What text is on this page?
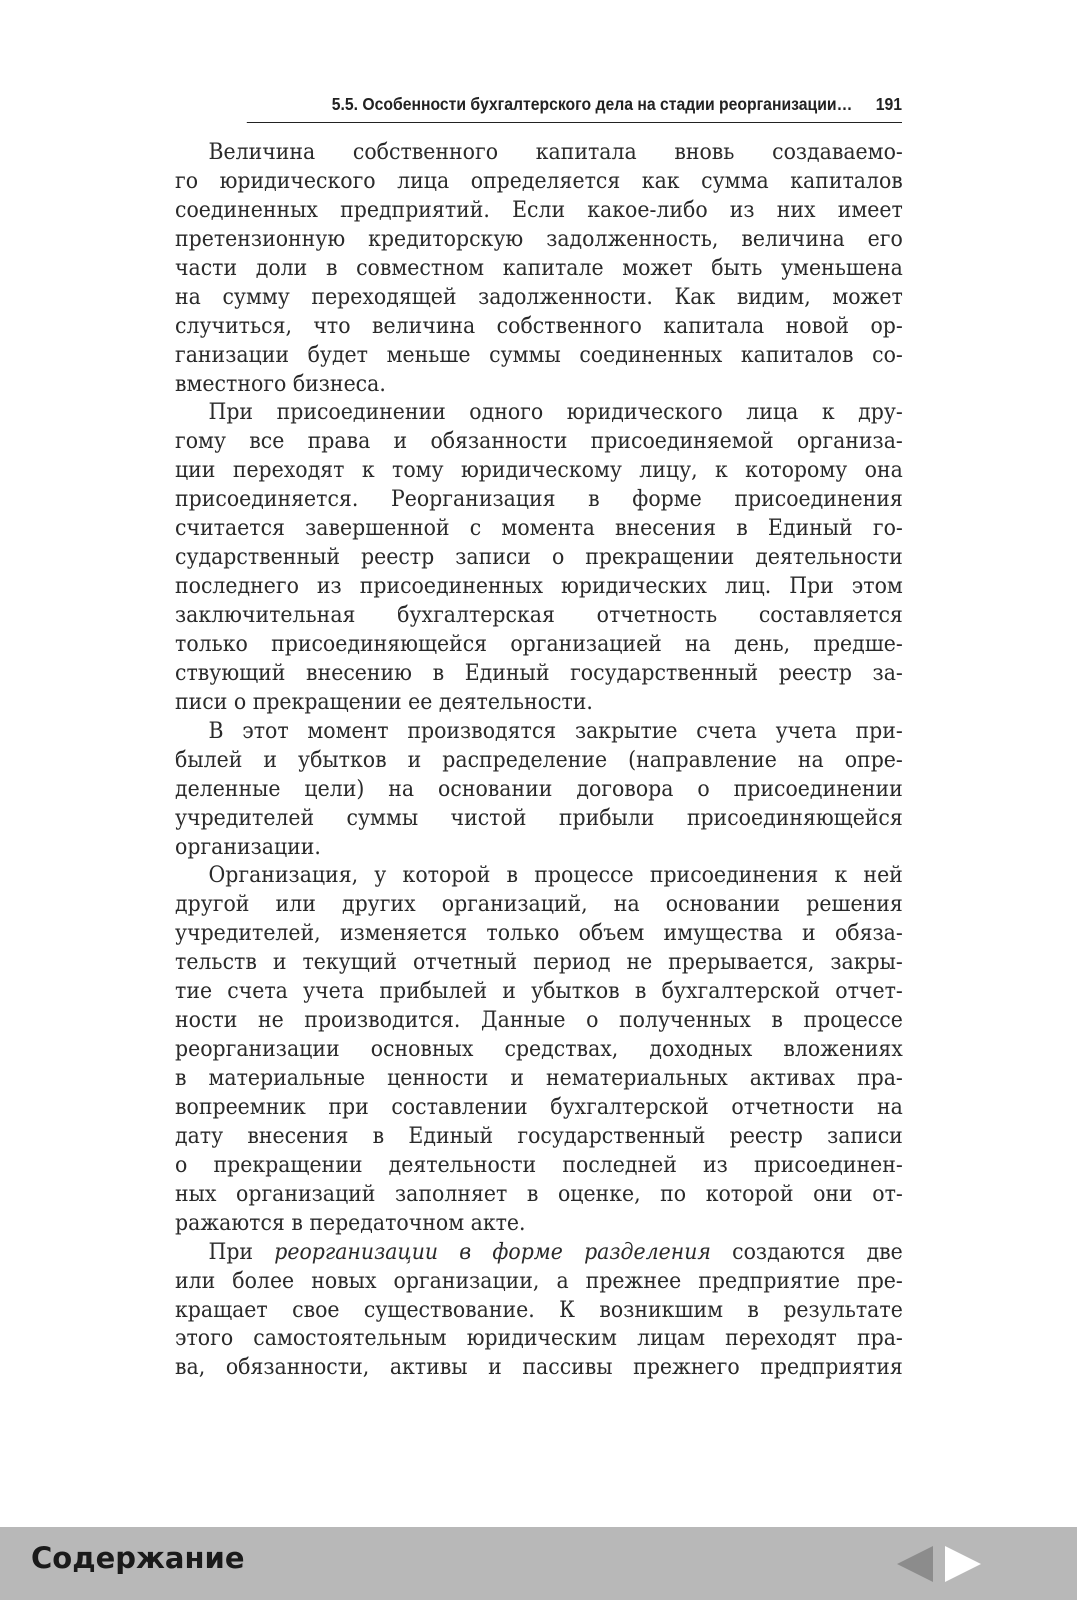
5.5. Особенности бухгалтерского дела на стадии реорганизации… 191
Величина собственного капитала вновь создаваемо-
го юридического лица определяется как сумма капиталов
соединенных предприятий. Если какое-либо из них имеет
претензионную кредиторскую задолженность, величина его
части доли в совместном капитале может быть уменьшена
на сумму переходящей задолженности. Как видим, может
случиться, что величина собственного капитала новой ор-
ганизации будет меньше суммы соединенных капиталов со-
вместного бизнеса.
При присоединении одного юридического лица к дру-
гому все права и обязанности присоединяемой организа-
ции переходят к тому юридическому лицу, к которому она
присоединяется. Реорганизация в форме присоединения
считается завершенной с момента внесения в Единый го-
сударственный реестр записи о прекращении деятельности
последнего из присоединенных юридических лиц. При этом
заключительная бухгалтерская отчетность составляется
только присоединяющейся организацией на день, предше-
ствующий внесению в Единый государственный реестр за-
писи о прекращении ее деятельности.
В этот момент производятся закрытие счета учета при-
былей и убытков и распределение (направление на опре-
деленные цели) на основании договора о присоединении
учредителей суммы чистой прибыли присоединяющейся
организации.
Организация, у которой в процессе присоединения к ней
другой или других организаций, на основании решения
учредителей, изменяется только объем имущества и обяза-
тельств и текущий отчетный период не прерывается, закры-
тие счета учета прибылей и убытков в бухгалтерской отчет-
ности не производится. Данные о полученных в процессе
реорганизации основных средствах, доходных вложениях
в материальные ценности и нематериальных активах пра-
вопреемник при составлении бухгалтерской отчетности на
дату внесения в Единый государственный реестр записи
о прекращении деятельности последней из присоединен-
ных организаций заполняет в оценке, по которой они от-
ражаются в передаточном акте.
При реорганизации в форме разделения создаются две
или более новых организации, а прежнее предприятие пре-
кращает свое существование. К возникшим в результате
этого самостоятельным юридическим лицам переходят пра-
ва, обязанности, активы и пассивы прежнего предприятия
Содержание
